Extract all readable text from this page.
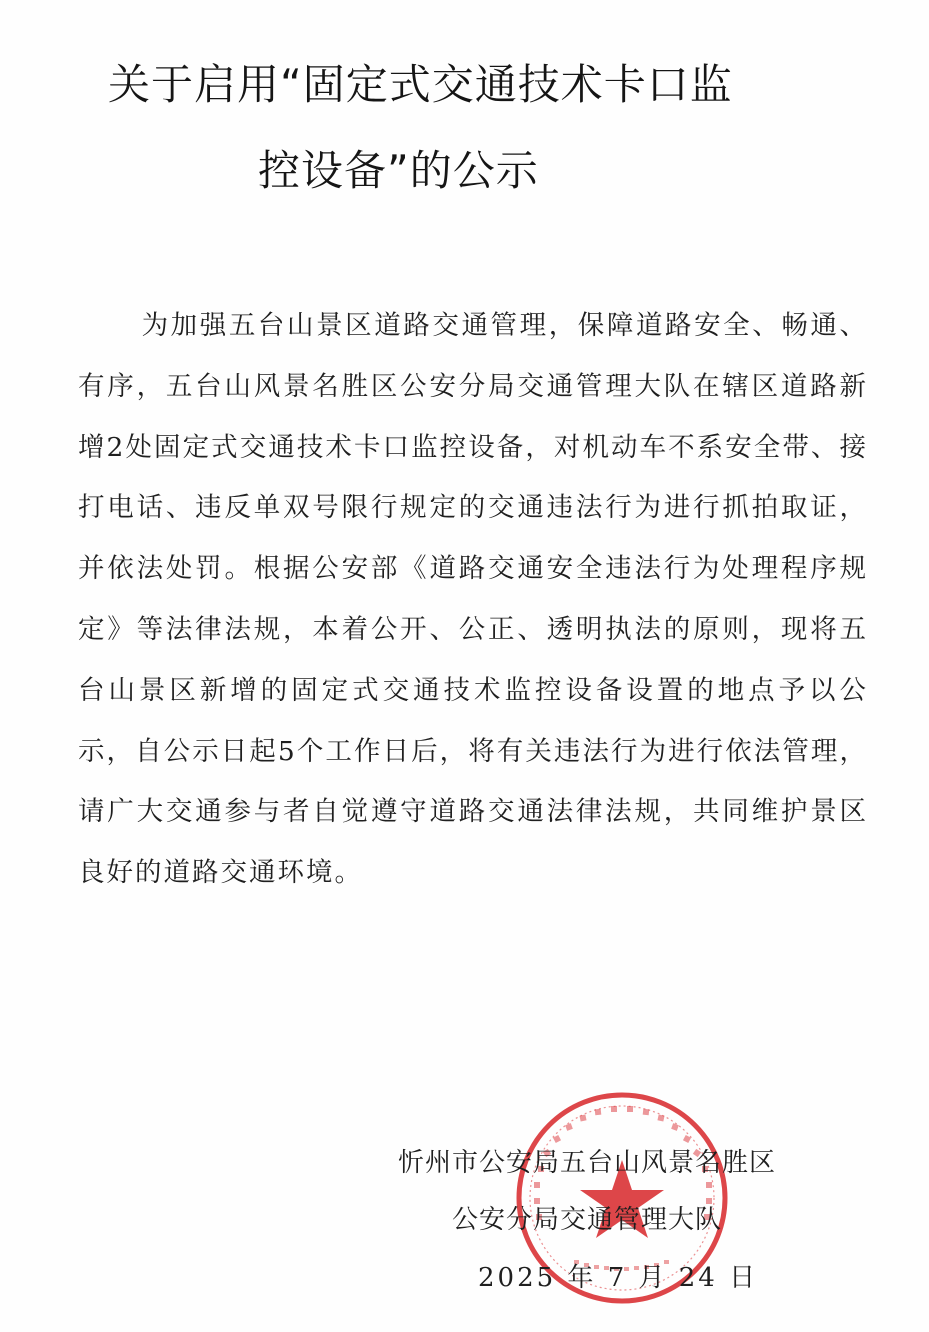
关于启用“固定式交通技术卡口监
控设备”的公示

为加强五台山景区道路交通管理，保障道路安全、畅通、有序，五台山风景名胜区公安分局交通管理大队在辖区道路新增2处固定式交通技术卡口监控设备，对机动车不系安全带、接打电话、违反单双号限行规定的交通违法行为进行抓拍取证，并依法处罚。根据公安部《道路交通安全违法行为处理程序规定》等法律法规，本着公开、公正、透明执法的原则，现将五台山景区新增的固定式交通技术监控设备设置的地点予以公示，自公示日起5个工作日后，将有关违法行为进行依法管理，请广大交通参与者自觉遵守道路交通法律法规，共同维护景区良好的道路交通环境。

忻州市公安局五台山风景名胜区
公安分局交通管理大队
2025 年 7 月 24 日
